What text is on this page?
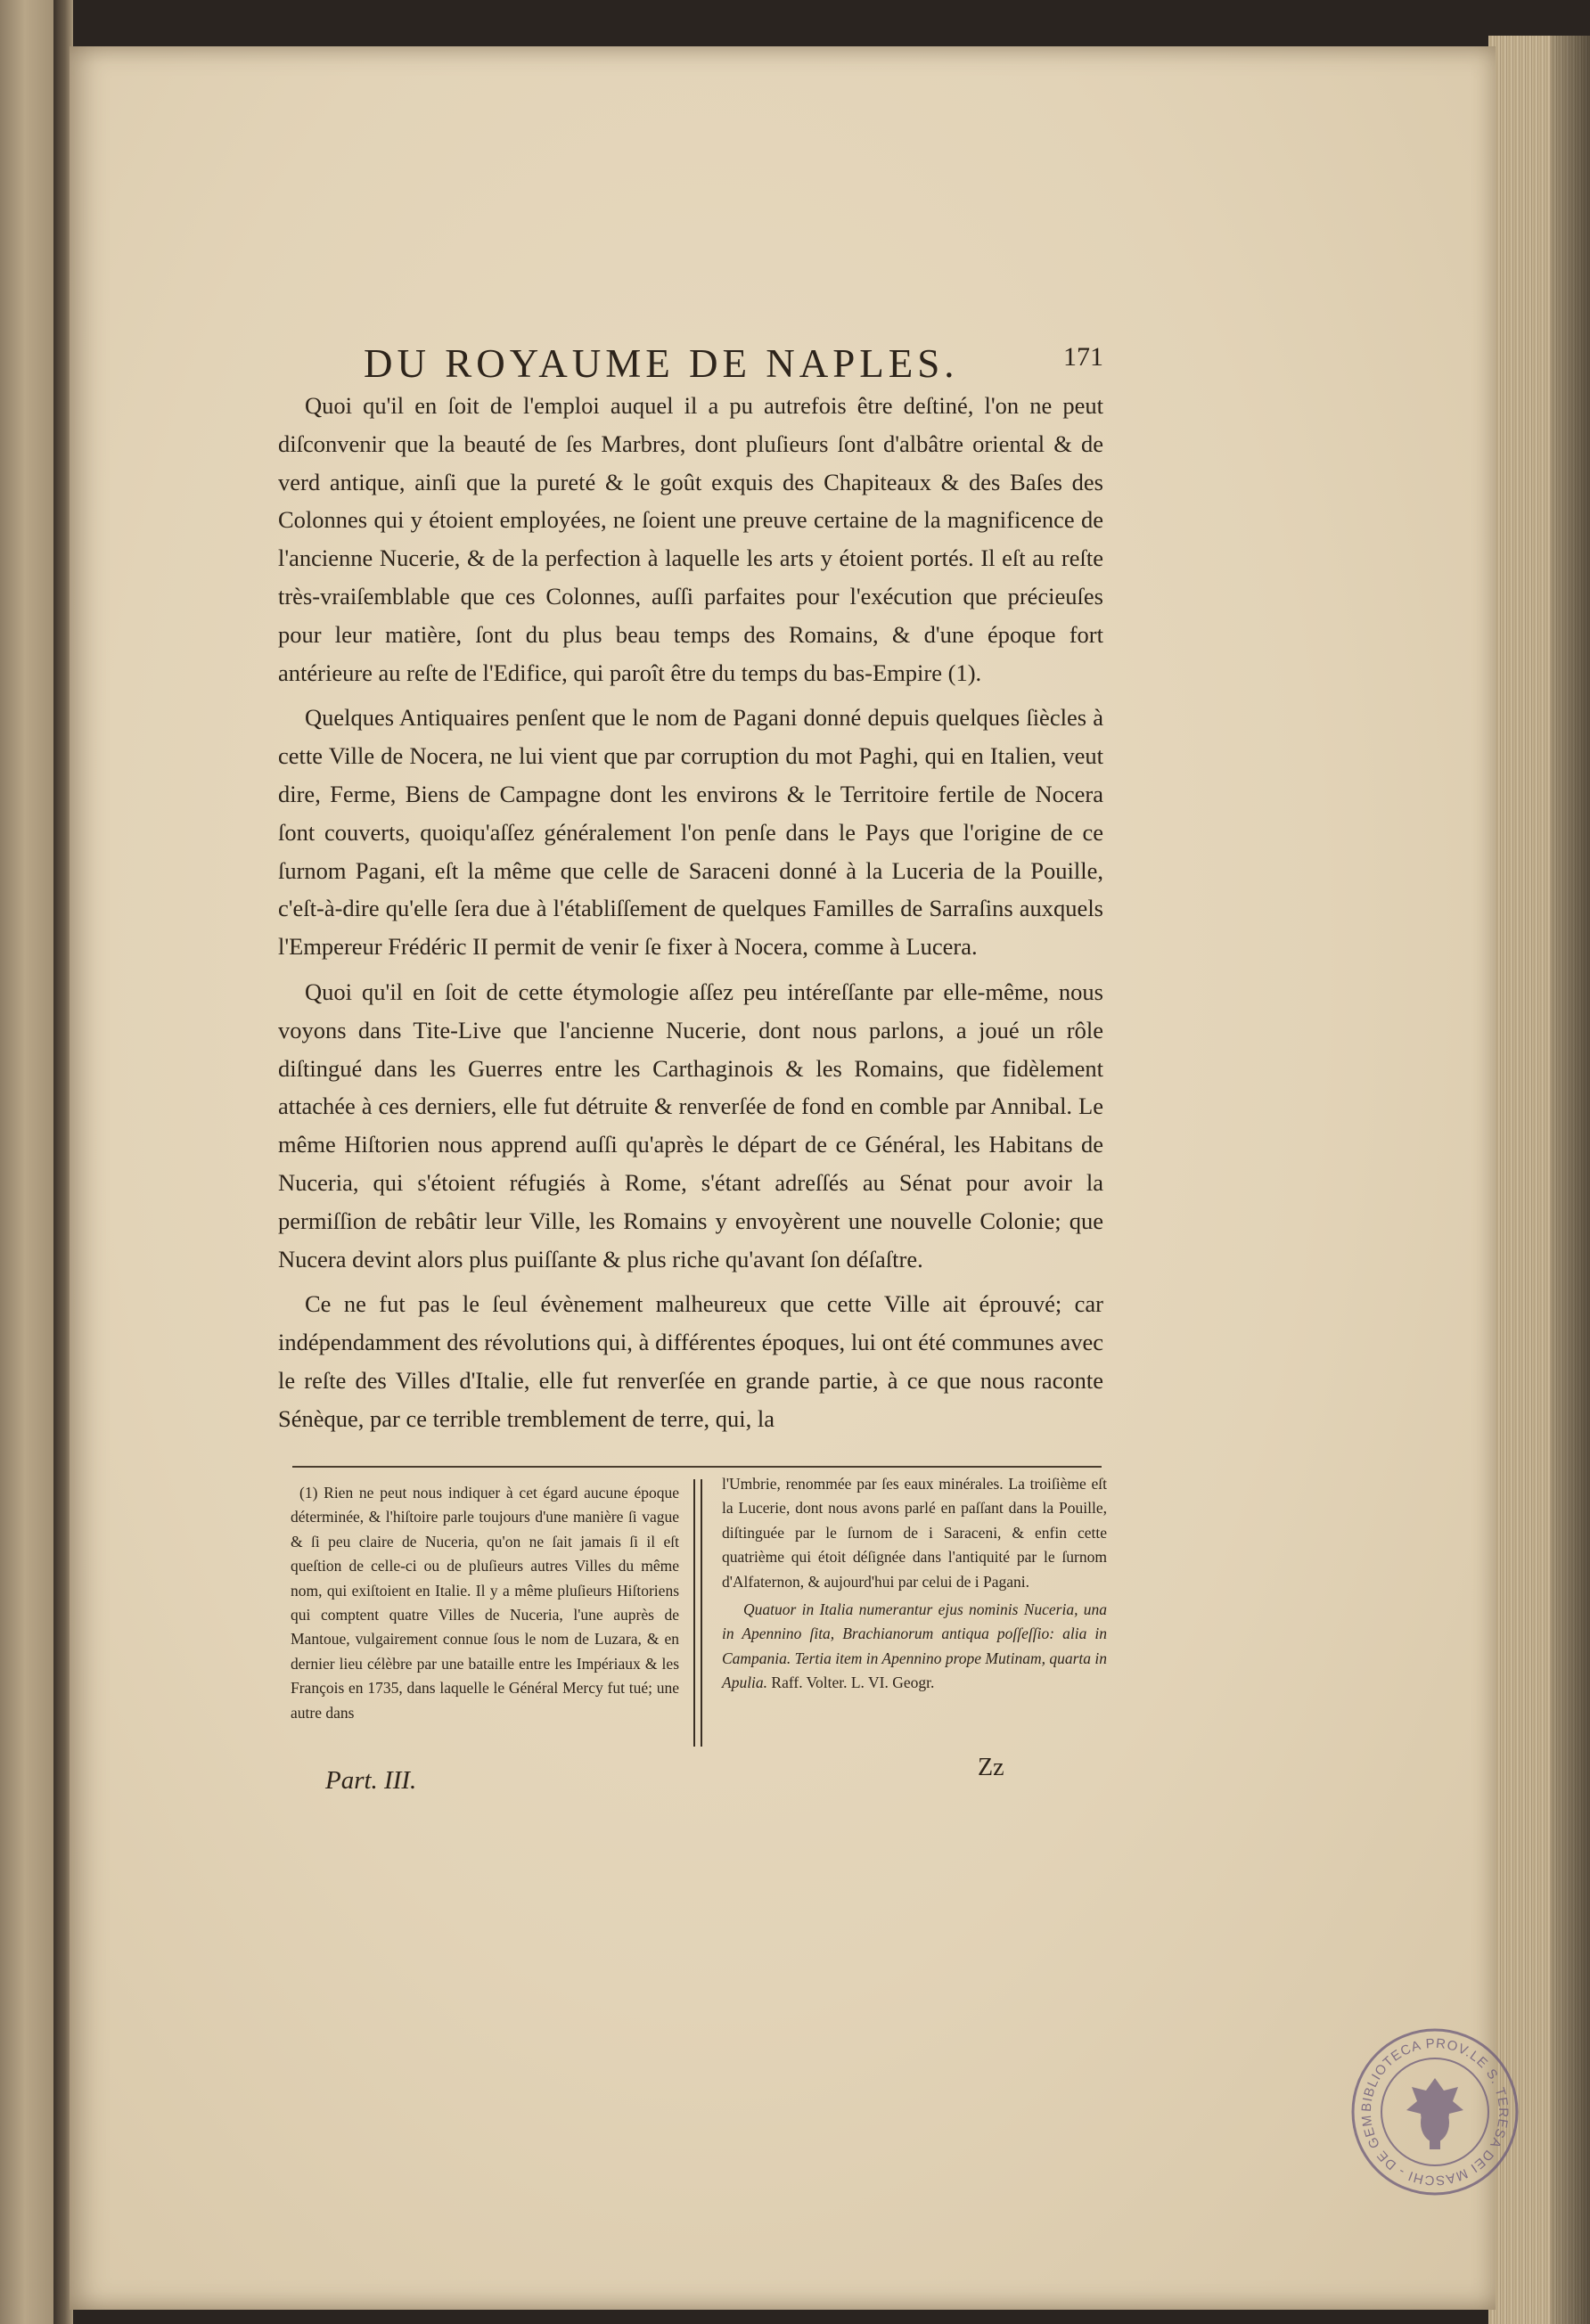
DU ROYAUME DE NAPLES.	171

Quoi qu'il en ſoit de l'emploi auquel il a pu autrefois être deſtiné, l'on ne peut diſconvenir que la beauté de ſes Marbres, dont pluſieurs ſont d'albâtre oriental & de verd antique, ainſi que la pureté & le goût exquis des Chapiteaux & des Baſes des Colonnes qui y étoient employées, ne ſoient une preuve certaine de la magnificence de l'ancienne Nucerie, & de la perfection à laquelle les arts y étoient portés. Il eſt au reſte très-vraiſemblable que ces Colonnes, auſſi parfaites pour l'exécution que précieuſes pour leur matière, ſont du plus beau temps des Romains, & d'une époque fort antérieure au reſte de l'Edifice, qui paroît être du temps du bas-Empire (1).

Quelques Antiquaires penſent que le nom de Pagani donné depuis quelques ſiècles à cette Ville de Nocera, ne lui vient que par corruption du mot Paghi, qui en Italien, veut dire, Ferme, Biens de Campagne dont les environs & le Territoire fertile de Nocera ſont couverts, quoiqu'aſſez généralement l'on penſe dans le Pays que l'origine de ce ſurnom Pagani, eſt la même que celle de Saraceni donné à la Luceria de la Pouille, c'eſt-à-dire qu'elle ſera due à l'établiſſement de quelques Familles de Sarraſins auxquels l'Empereur Frédéric II permit de venir ſe fixer à Nocera, comme à Lucera.

Quoi qu'il en ſoit de cette étymologie aſſez peu intéreſſante par elle-même, nous voyons dans Tite-Live que l'ancienne Nucerie, dont nous parlons, a joué un rôle diſtingué dans les Guerres entre les Carthaginois & les Romains, que fidèlement attachée à ces derniers, elle fut détruite & renverſée de fond en comble par Annibal. Le même Hiſtorien nous apprend auſſi qu'après le départ de ce Général, les Habitans de Nuceria, qui s'étoient réfugiés à Rome, s'étant adreſſés au Sénat pour avoir la permiſſion de rebâtir leur Ville, les Romains y envoyèrent une nouvelle Colonie; que Nucera devint alors plus puiſſante & plus riche qu'avant ſon déſaſtre.

Ce ne fut pas le ſeul évènement malheureux que cette Ville ait éprouvé; car indépendamment des révolutions qui, à différentes époques, lui ont été communes avec le reſte des Villes d'Italie, elle fut renverſée en grande partie, à ce que nous raconte Sénèque, par ce terrible tremblement de terre, qui, la

(1) Rien ne peut nous indiquer à cet égard aucune époque déterminée, & l'hiſtoire parle toujours d'une manière ſi vague & ſi peu claire de Nuceria, qu'on ne ſait jamais ſi il eſt queſtion de celle-ci ou de pluſieurs autres Villes du même nom, qui exiſtoient en Italie. Il y a même pluſieurs Hiſtoriens qui comptent quatre Villes de Nuceria, l'une auprès de Mantoue, vulgairement connue ſous le nom de Luzara, & en dernier lieu célèbre par une bataille entre les Impériaux & les François en 1735, dans laquelle le Général Mercy fut tué; une autre dans

l'Umbrie, renommée par ſes eaux minérales. La troiſième eſt la Lucerie, dont nous avons parlé en paſſant dans la Pouille, diſtinguée par le ſurnom de i Saraceni, & enfin cette quatrième qui étoit déſignée dans l'antiquité par le ſurnom d'Alfaternon, & aujourd'hui par celui de i Pagani.

Quatuor in Italia numerantur ejus nominis Nuceria, una in Apennino ſita, Brachianorum antiqua poſſeſſio: alia in Campania. Tertia item in Apennino prope Mutinam, quarta in Apulia. Raff. Volter. L. VI. Geogr.

Part. III.	Zz
BIBLIOTECA PROV.LE S. TERESA DEI MASCHI - DE GEM
